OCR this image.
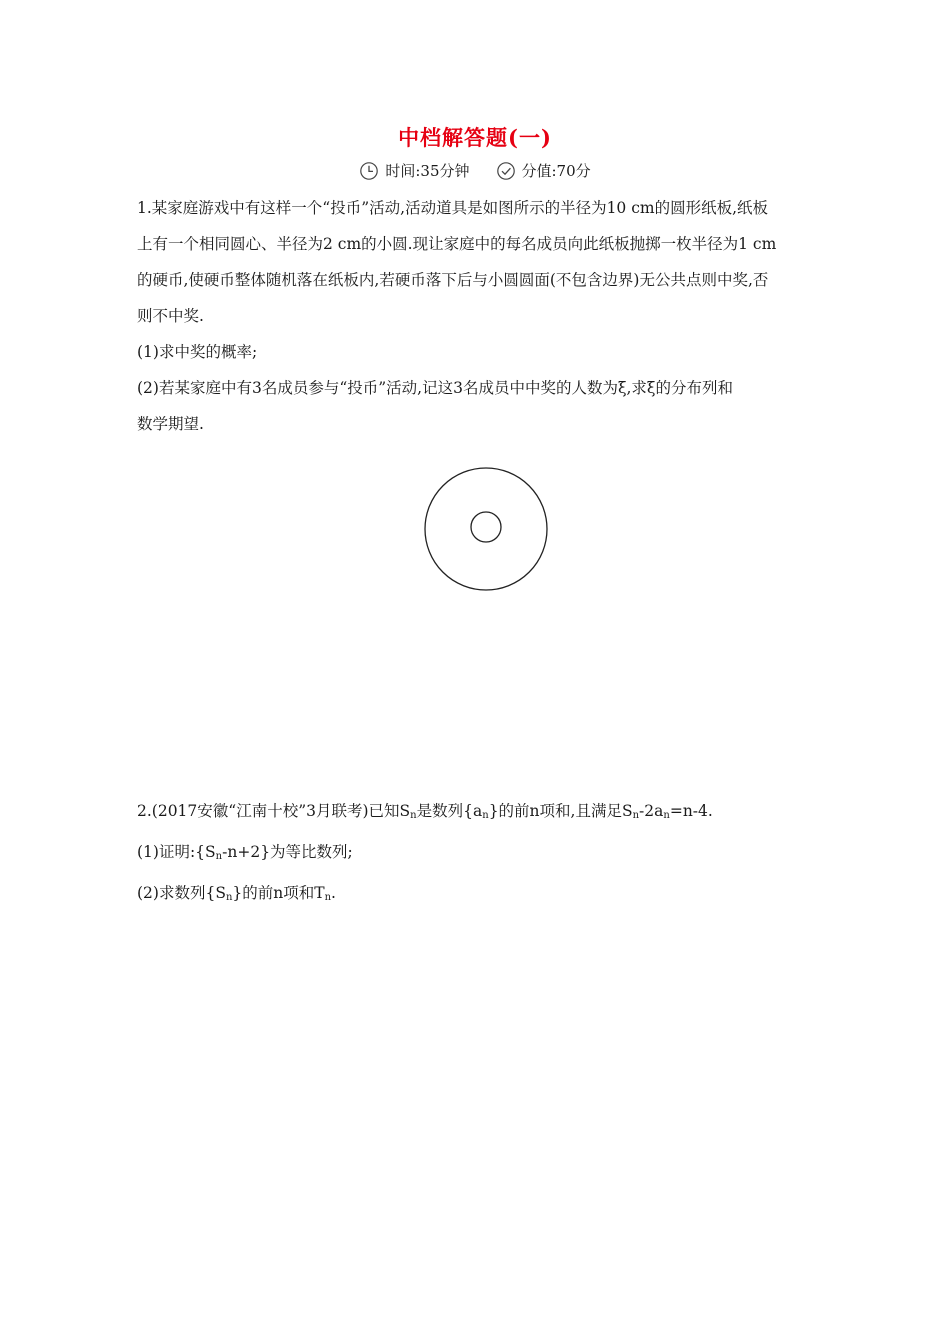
中档解答题(一)
时间:35分钟	分值:70分
1.某家庭游戏中有这样一个“投币”活动,活动道具是如图所示的半径为10 cm的圆形纸板,纸板
上有一个相同圆心、半径为2 cm的小圆.现让家庭中的每名成员向此纸板抛掷一枚半径为1 cm
的硬币,使硬币整体随机落在纸板内,若硬币落下后与小圆圆面(不包含边界)无公共点则中奖,否
则不中奖.
(1)求中奖的概率;
(2)若某家庭中有3名成员参与“投币”活动,记这3名成员中中奖的人数为ξ,求ξ的分布列和
数学期望.
2.(2017安徽“江南十校”3月联考)已知$S_n$是数列$\{a_n\}$的前n项和,且满足$S_n-2a_n=n-4$.
(1)证明$:\{S_n-n+2\}$为等比数列;
(2)求数列$\{S_n\}$的前n项和$T_n$.
